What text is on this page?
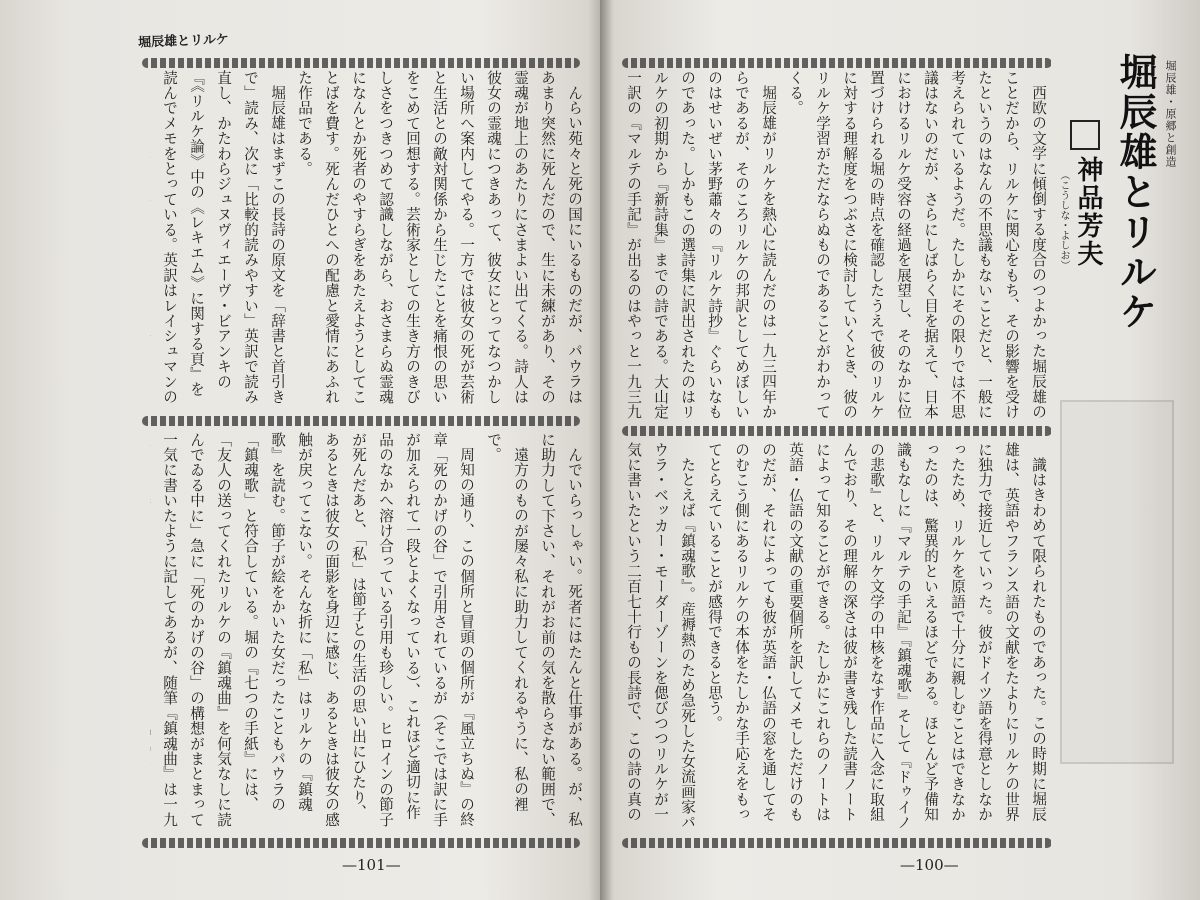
堀辰雄とリルケ

んらい苑々と死の国にいるものだが、パウラはあまり突然に死んだので、生に未練があり、その霊魂が地上のあたりにさまよい出てくる。詩人は彼女の霊魂につきあって、彼女にとってなつかしい場所へ案内してやる。一方では彼女の死が芸術と生活との敵対関係から生じたことを痛恨の思いをこめて回想する。芸術家としての生き方のきびしさをつきつめて認識しながら、おさまらぬ霊魂になんとか死者のやすらぎをあたえようとしてことばを費す。死んだひとへの配慮と愛情にあふれた作品である。

堀辰雄はまずこの長詩の原文を「辞書と首引きで」読み、次に「比較的読みやすい」英訳で読み直し、かたわらジュヌヴィエーヴ・ビアンキの『《リルケ論》中の《レキエム》に関する頁』を読んでメモをとっている。英訳はレイシュマンの

んでいらっしゃい。死者にはたんと仕事がある。が、私に助力して下さい、それがお前の気を散らさない範囲で、

遠方のものが屡々私に助力してくれるやうに、私の裡で。

周知の通り、この個所と冒頭の個所が『風立ちぬ』の終章「死のかげの谷」で引用されているが（そこでは訳に手が加えられて一段とよくなっている）、これほど適切に作品のなかへ溶け合っている引用も珍しい。ヒロインの節子が死んだあと、「私」は節子との生活の思い出にひたり、あるときは彼女の面影を身辺に感じ、あるときは彼女の感触が戻ってこない。そんな折に「私」はリルケの『鎮魂歌』を読む。節子が絵をかいた女だったこともパウラの「鎮魂歌」と符合している。堀の『七つの手紙』には、「友人の送ってくれたリルケの『鎮魂曲』を何気なしに読んでゐる中に」急に「死のかげの谷」の構想がまとまって一気に書いたように記してあるが、随筆『鎮魂曲』は一九

—101—

西欧の文学に傾倒する度合のつよかった堀辰雄のことだから、リルケに関心をもち、その影響を受けたというのはなんの不思議もないことだと、一般に考えられているようだ。たしかにその限りでは不思議はないのだが、さらにしばらく目を据えて、日本におけるリルケ受容の経過を展望し、そのなかに位置づけられる堀の時点を確認したうえで彼のリルケに対する理解度をつぶさに検討していくとき、彼のリルケ学習がただならぬものであることがわかってくる。

堀辰雄がリルケを熱心に読んだのは一九三四年からであるが、そのころリルケの邦訳としてめぼしいのはせいぜい茅野蕭々の『リルケ詩抄』ぐらいなものであった。しかもこの選詩集に訳出されたのはリルケの初期から『新詩集』までの詩である。大山定一訳の『マルテの手記』が出るのはやっと一九三九

堀辰雄・原郷と創造
堀辰雄とリルケ
神品芳夫
（こうしな・よしお）

識はきわめて限られたものであった。この時期に堀辰雄は、英語やフランス語の文献をたよりにリルケの世界に独力で接近していった。彼がドイツ語を得意としなかったため、リルケを原語で十分に親しむことはできなかったのは、驚異的といえるほどである。ほとんど予備知識もなしに『マルテの手記』『鎮魂歌』そして『ドゥイノの悲歌』と、リルケ文学の中核をなす作品に入念に取組んでおり、その理解の深さは彼が書き残した読書ノートによって知ることができる。たしかにこれらのノートは英語・仏語の文献の重要個所を訳してメモしただけのものだが、それによっても彼が英語・仏語の窓を通してそのむこう側にあるリルケの本体をたしかな手応えをもってとらえていることが感得できると思う。

たとえば『鎮魂歌』。産褥熱のため急死した女流画家パウラ・ベッカー・モーダーゾーンを偲びつつリルケが一気に書いたという二百七十行もの長詩で、この詩の真の

—100—
